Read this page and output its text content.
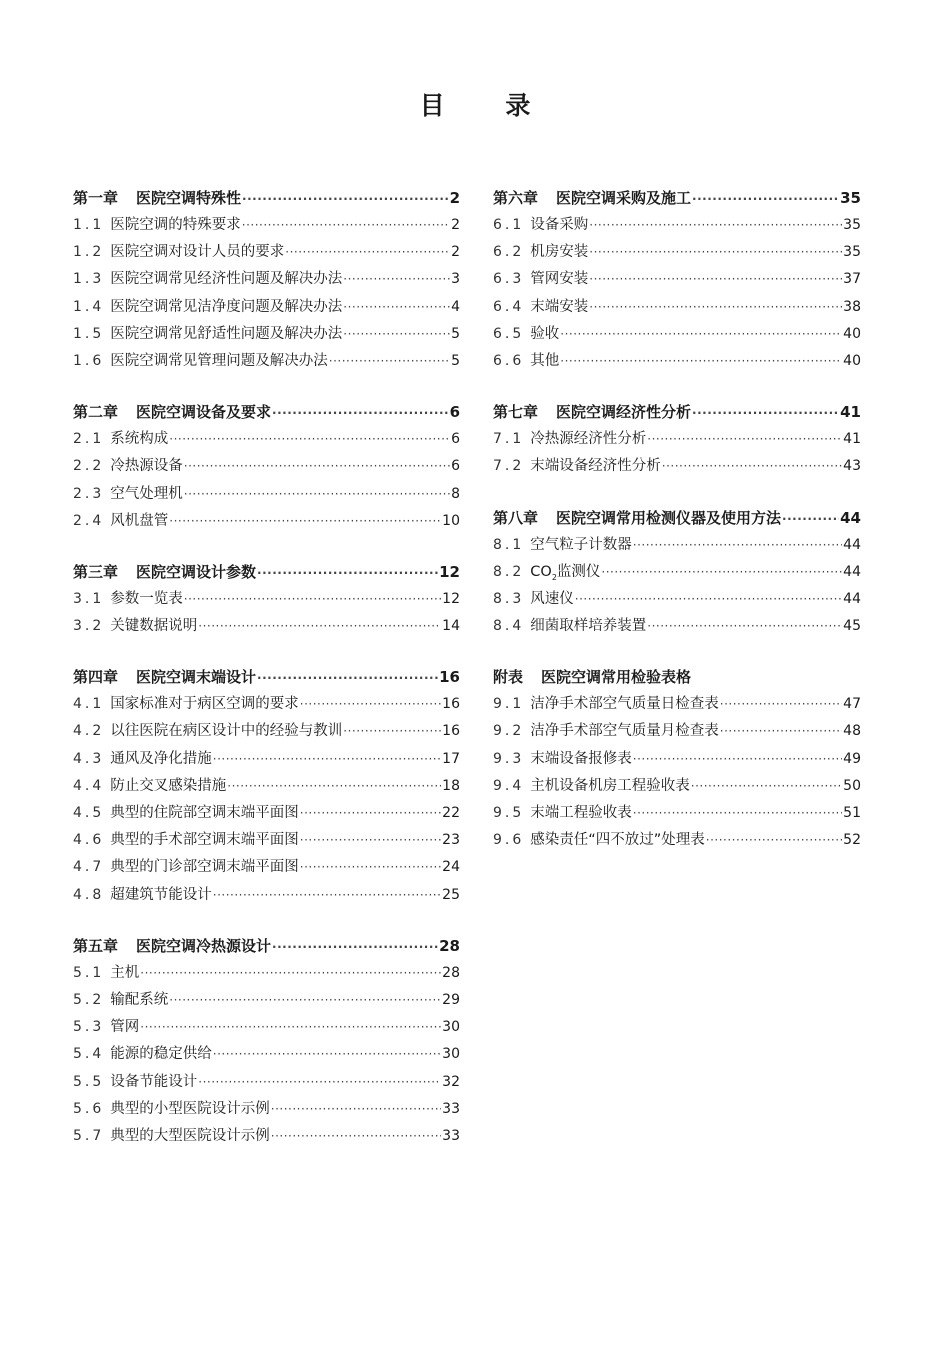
目 录
第一章 医院空调特殊性 ·····	2
1.1 医院空调的特殊要求 ·····	2
1.2 医院空调对设计人员的要求 ·····	2
1.3 医院空调常见经济性问题及解决办法 ·····	3
1.4 医院空调常见洁净度问题及解决办法 ·····	4
1.5 医院空调常见舒适性问题及解决办法 ·····	5
1.6 医院空调常见管理问题及解决办法 ·····	5
第二章 医院空调设备及要求 ·····	6
2.1 系统构成 ·····	6
2.2 冷热源设备 ·····	6
2.3 空气处理机 ·····	8
2.4 风机盘管 ·····	10
第三章 医院空调设计参数 ·····	12
3.1 参数一览表 ·····	12
3.2 关键数据说明 ·····	14
第四章 医院空调末端设计 ·····	16
4.1 国家标准对于病区空调的要求 ·····	16
4.2 以往医院在病区设计中的经验与教训 ·····	16
4.3 通风及净化措施 ·····	17
4.4 防止交叉感染措施 ·····	18
4.5 典型的住院部空调末端平面图 ·····	22
4.6 典型的手术部空调末端平面图 ·····	23
4.7 典型的门诊部空调末端平面图 ·····	24
4.8 超建筑节能设计 ·····	25
第五章 医院空调冷热源设计 ·····	28
5.1 主机 ·····	28
5.2 输配系统 ·····	29
5.3 管网 ·····	30
5.4 能源的稳定供给 ·····	30
5.5 设备节能设计 ·····	32
5.6 典型的小型医院设计示例 ·····	33
5.7 典型的大型医院设计示例 ·····	33
第六章 医院空调采购及施工 ·····	35
6.1 设备采购 ·····	35
6.2 机房安装 ·····	35
6.3 管网安装 ·····	37
6.4 末端安装 ·····	38
6.5 验收 ·····	40
6.6 其他 ·····	40
第七章 医院空调经济性分析 ·····	41
7.1 冷热源经济性分析 ·····	41
7.2 末端设备经济性分析 ·····	43
第八章 医院空调常用检测仪器及使用方法 ·····	44
8.1 空气粒子计数器 ·····	44
8.2 $CO_2$监测仪 ·····	44
8.3 风速仪 ·····	44
8.4 细菌取样培养装置 ·····	45
附表 医院空调常用检验表格
9.1 洁净手术部空气质量日检查表 ·····	47
9.2 洁净手术部空气质量月检查表 ·····	48
9.3 末端设备报修表 ·····	49
9.4 主机设备机房工程验收表 ·····	50
9.5 末端工程验收表 ·····	51
9.6 感染责任“四不放过”处理表 ·····	52
